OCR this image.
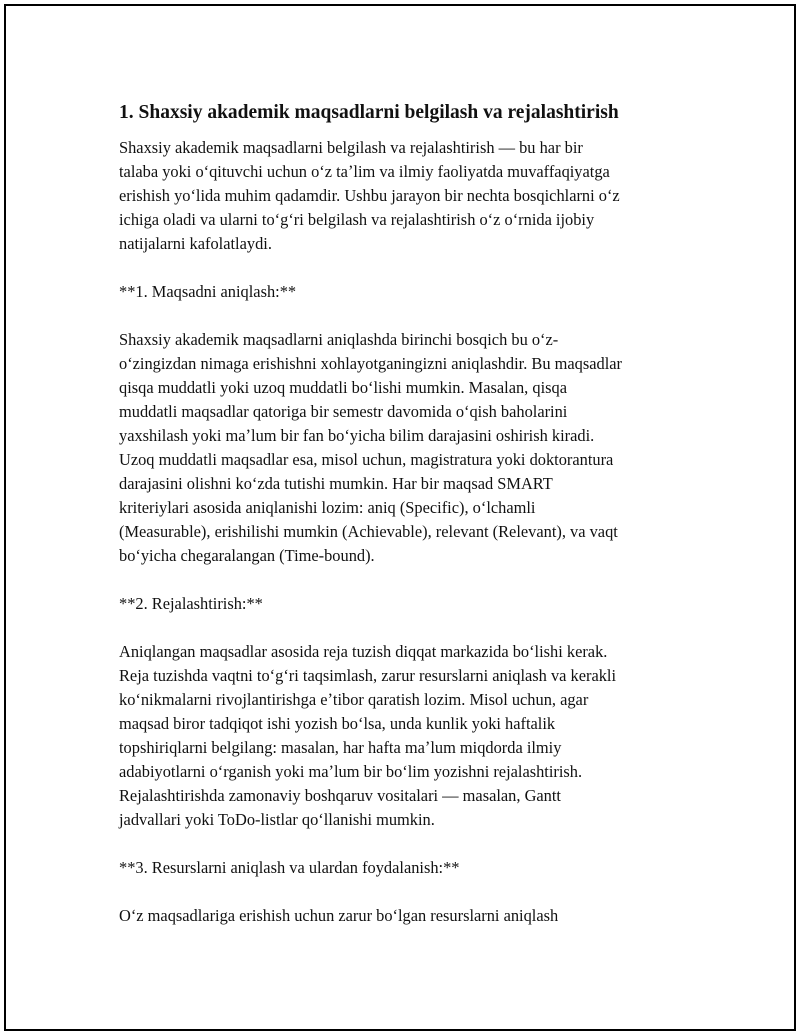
1. Shaxsiy akademik maqsadlarni belgilash va rejalashtirish

Shaxsiy akademik maqsadlarni belgilash va rejalashtirish — bu har bir
talaba yoki oʻqituvchi uchun oʻz taʼlim va ilmiy faoliyatda muvaffaqiyatga
erishish yoʻlida muhim qadamdir. Ushbu jarayon bir nechta bosqichlarni oʻz
ichiga oladi va ularni toʻgʻri belgilash va rejalashtirish oʻz oʻrnida ijobiy
natijalarni kafolatlaydi.

**1. Maqsadni aniqlash:**

Shaxsiy akademik maqsadlarni aniqlashda birinchi bosqich bu oʻz-
oʻzingizdan nimaga erishishni xohlayotganingizni aniqlashdir. Bu maqsadlar
qisqa muddatli yoki uzoq muddatli boʻlishi mumkin. Masalan, qisqa
muddatli maqsadlar qatoriga bir semestr davomida oʻqish baholarini
yaxshilash yoki maʼlum bir fan boʻyicha bilim darajasini oshirish kiradi.
Uzoq muddatli maqsadlar esa, misol uchun, magistratura yoki doktorantura
darajasini olishni koʻzda tutishi mumkin. Har bir maqsad SMART
kriteriylari asosida aniqlanishi lozim: aniq (Specific), oʻlchamli
(Measurable), erishilishi mumkin (Achievable), relevant (Relevant), va vaqt
boʻyicha chegaralangan (Time-bound).

**2. Rejalashtirish:**

Aniqlangan maqsadlar asosida reja tuzish diqqat markazida boʻlishi kerak.
Reja tuzishda vaqtni toʻgʻri taqsimlash, zarur resurslarni aniqlash va kerakli
koʻnikmalarni rivojlantirishga eʼtibor qaratish lozim. Misol uchun, agar
maqsad biror tadqiqot ishi yozish boʻlsa, unda kunlik yoki haftalik
topshiriqlarni belgilang: masalan, har hafta maʼlum miqdorda ilmiy
adabiyotlarni oʻrganish yoki maʼlum bir boʻlim yozishni rejalashtirish.
Rejalashtirishda zamonaviy boshqaruv vositalari — masalan, Gantt
jadvallari yoki ToDo-listlar qoʻllanishi mumkin.

**3. Resurslarni aniqlash va ulardan foydalanish:**

Oʻz maqsadlariga erishish uchun zarur boʻlgan resurslarni aniqlash
